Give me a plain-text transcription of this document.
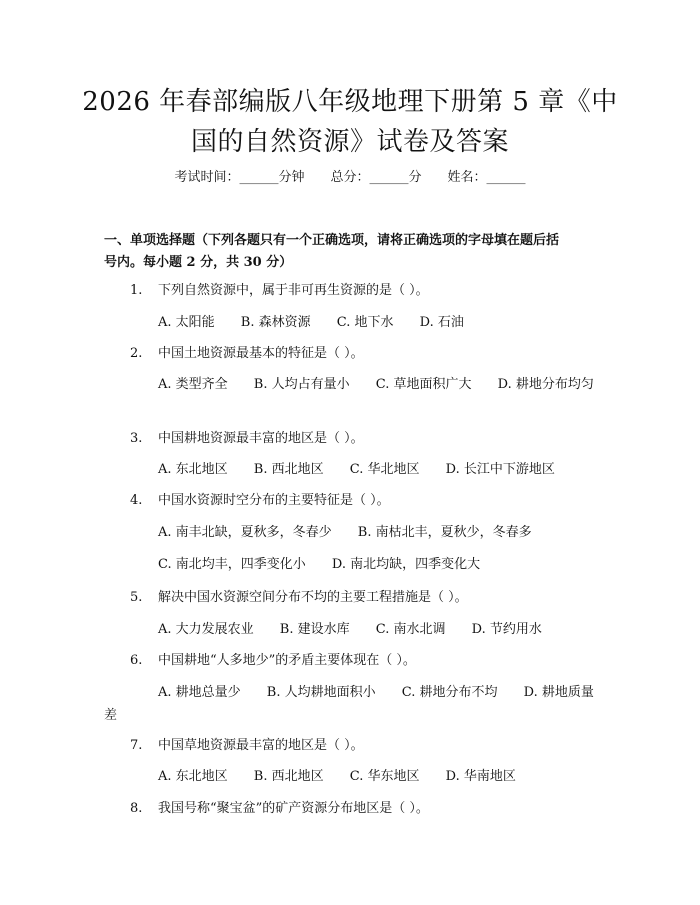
2026 年春部编版八年级地理下册第 5 章《中
国的自然资源》试卷及答案
考试时间：______分钟 总分：______分 姓名：______
一、单项选择题（下列各题只有一个正确选项，请将正确选项的字母填在题后括
号内。每小题 2 分，共 30 分）
1. 下列自然资源中，属于非可再生资源的是（ ）。
A. 太阳能 B. 森林资源 C. 地下水 D. 石油
2. 中国土地资源最基本的特征是（ ）。
A. 类型齐全 B. 人均占有量小 C. 草地面积广大 D. 耕地分布均匀
3. 中国耕地资源最丰富的地区是（ ）。
A. 东北地区 B. 西北地区 C. 华北地区 D. 长江中下游地区
4. 中国水资源时空分布的主要特征是（ ）。
A. 南丰北缺，夏秋多，冬春少 B. 南枯北丰，夏秋少，冬春多
C. 南北均丰，四季变化小 D. 南北均缺，四季变化大
5. 解决中国水资源空间分布不均的主要工程措施是（ ）。
A. 大力发展农业 B. 建设水库 C. 南水北调 D. 节约用水
6. 中国耕地“人多地少”的矛盾主要体现在（ ）。
A. 耕地总量少 B. 人均耕地面积小 C. 耕地分布不均 D. 耕地质量差
7. 中国草地资源最丰富的地区是（ ）。
A. 东北地区 B. 西北地区 C. 华东地区 D. 华南地区
8. 我国号称“聚宝盆”的矿产资源分布地区是（ ）。
